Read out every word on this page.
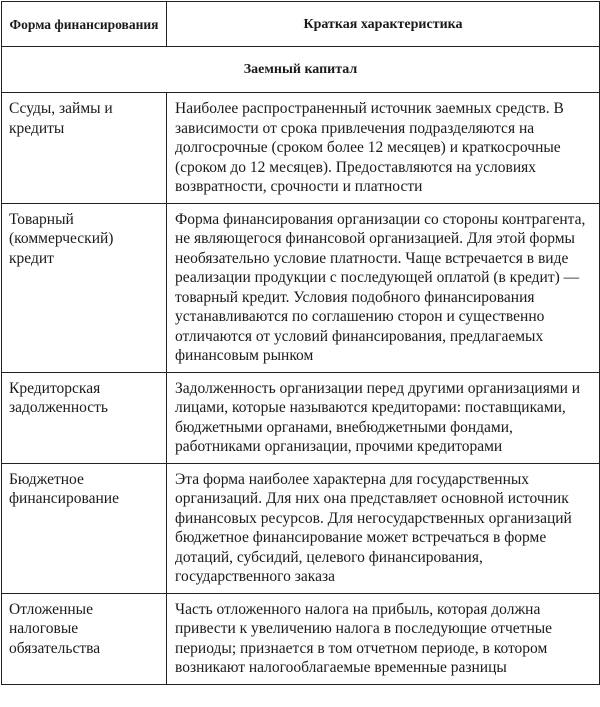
Форма финансирования	Краткая характеристика
Заемный капитал	
Ссуды, займы и кредиты	Наиболее распространенный источник заемных средств. В зависимости от срока привлечения подразделяются на долгосрочные (сроком более 12 месяцев) и краткосрочные (сроком до 12 месяцев). Предоставляются на условиях возвратности, срочности и платности
Товарный (коммерческий) кредит	Форма финансирования организации со стороны контрагента, не являющегося финансовой организацией. Для этой формы необязательно условие платности. Чаще встречается в виде реализации продукции с последующей оплатой (в кредит) — товарный кредит. Условия подобного финансирования устанавливаются по соглашению сторон и существенно отличаются от условий финансирования, предлагаемых финансовым рынком
Кредиторская задолженность	Задолженность организации перед другими организациями и лицами, которые называются кредиторами: поставщиками, бюджетными органами, внебюджетными фондами, работниками организации, прочими кредиторами
Бюджетное финансирование	Эта форма наиболее характерна для государственных организаций. Для них она представляет основной источник финансовых ресурсов. Для негосударственных организаций бюджетное финансирование может встречаться в форме дотаций, субсидий, целевого финансирования, государственного заказа
Отложенные налоговые обязательства	Часть отложенного налога на прибыль, которая должна привести к увеличению налога в последующие отчетные периоды; признается в том отчетном периоде, в котором возникают налогооблагаемые временные разницы
